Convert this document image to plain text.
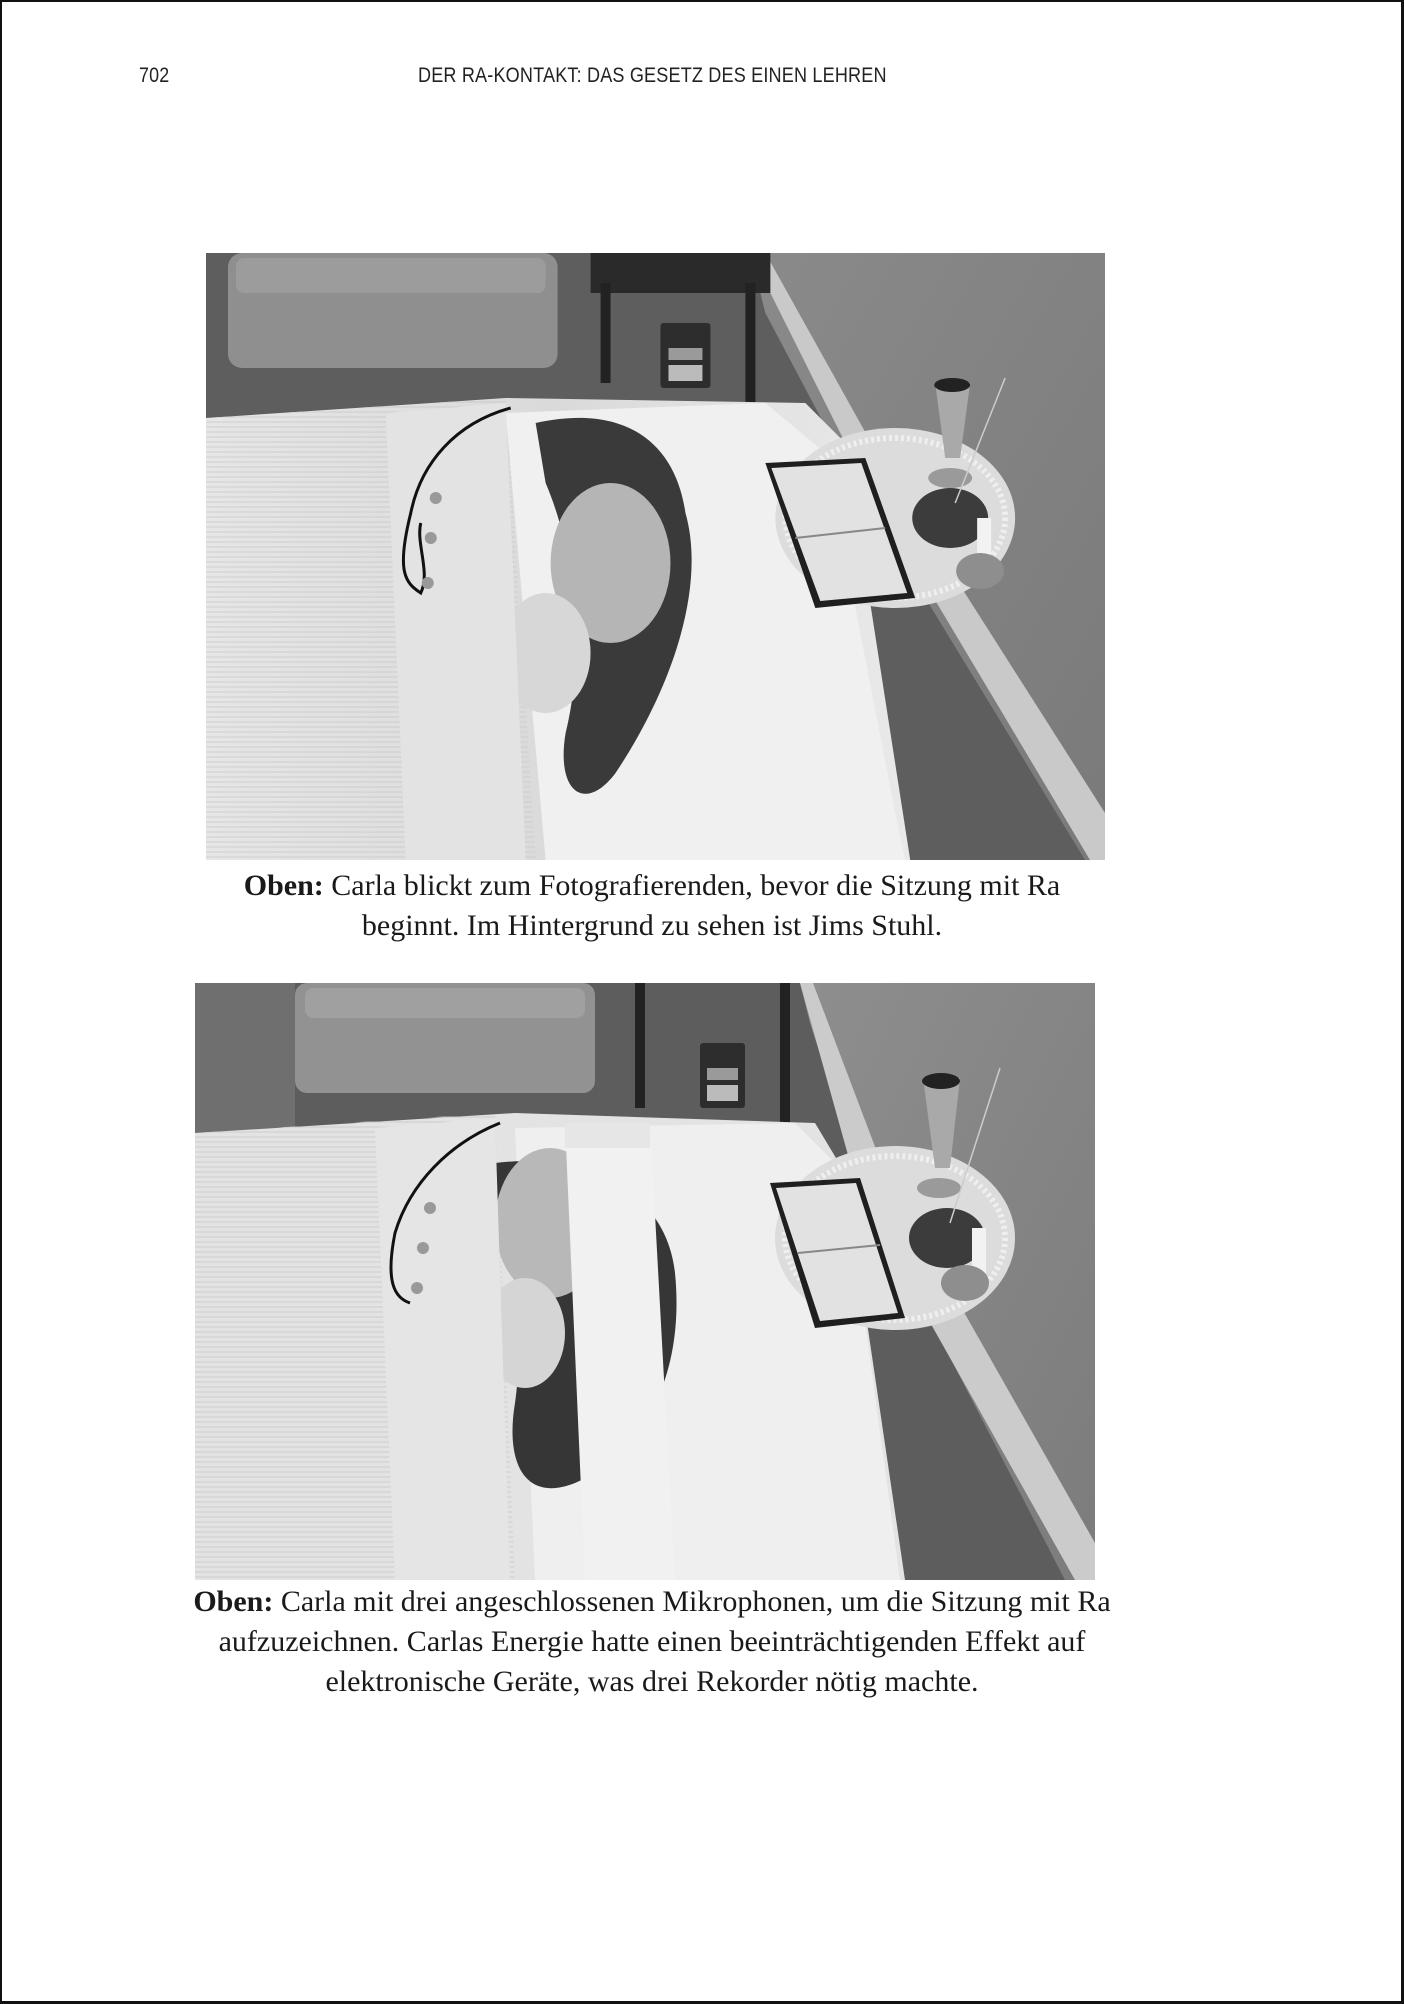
702	DER RA-KONTAKT: DAS GESETZ DES EINEN LEHREN
Oben: Carla blickt zum Fotografierenden, bevor die Sitzung mit Ra
beginnt. Im Hintergrund zu sehen ist Jims Stuhl.
Oben: Carla mit drei angeschlossenen Mikrophonen, um die Sitzung mit Ra
aufzuzeichnen. Carlas Energie hatte einen beeinträchtigenden Effekt auf
elektronische Geräte, was drei Rekorder nötig machte.
